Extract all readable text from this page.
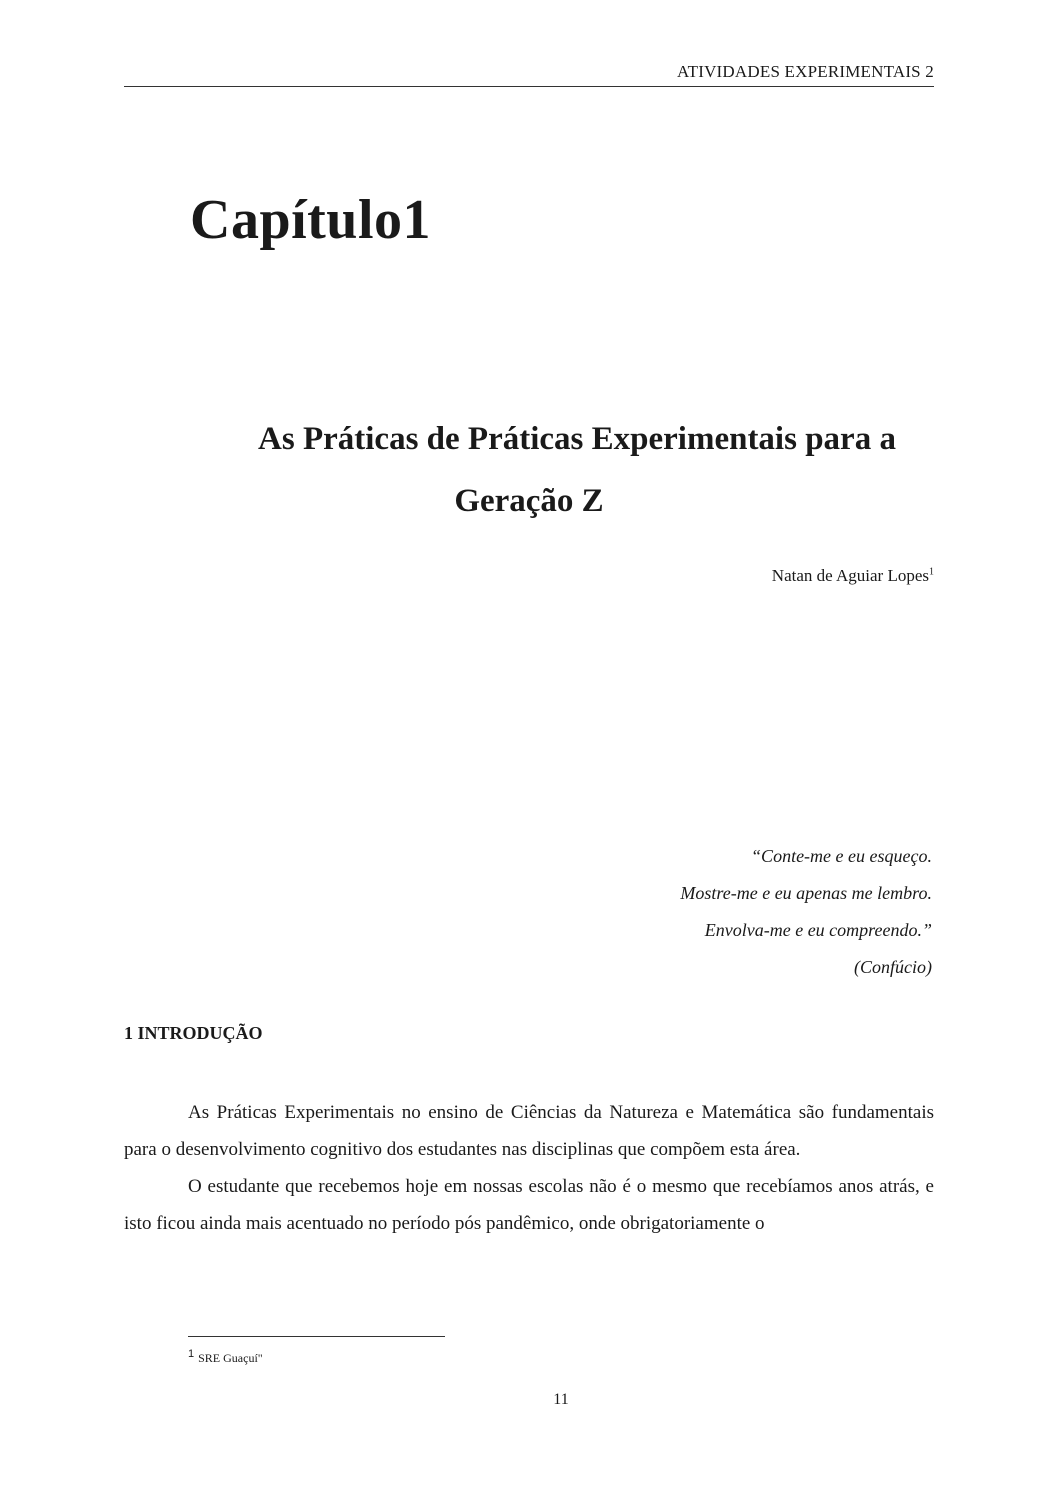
ATIVIDADES EXPERIMENTAIS 2
Capítulo1
As Práticas de Práticas Experimentais para a
Geração Z
Natan de Aguiar Lopes$^1$
“Conte-me e eu esqueço.
Mostre-me e eu apenas me lembro.
Envolva-me e eu compreendo.”
(Confúcio)
1 INTRODUÇÃO

As Práticas Experimentais no ensino de Ciências da Natureza e Matemática são fundamentais para o desenvolvimento cognitivo dos estudantes nas disciplinas que compõem esta área.

O estudante que recebemos hoje em nossas escolas não é o mesmo que recebíamos anos atrás, e isto ficou ainda mais acentuado no período pós pandêmico, onde obrigatoriamente o

1 SRE Guaçuí"
11
